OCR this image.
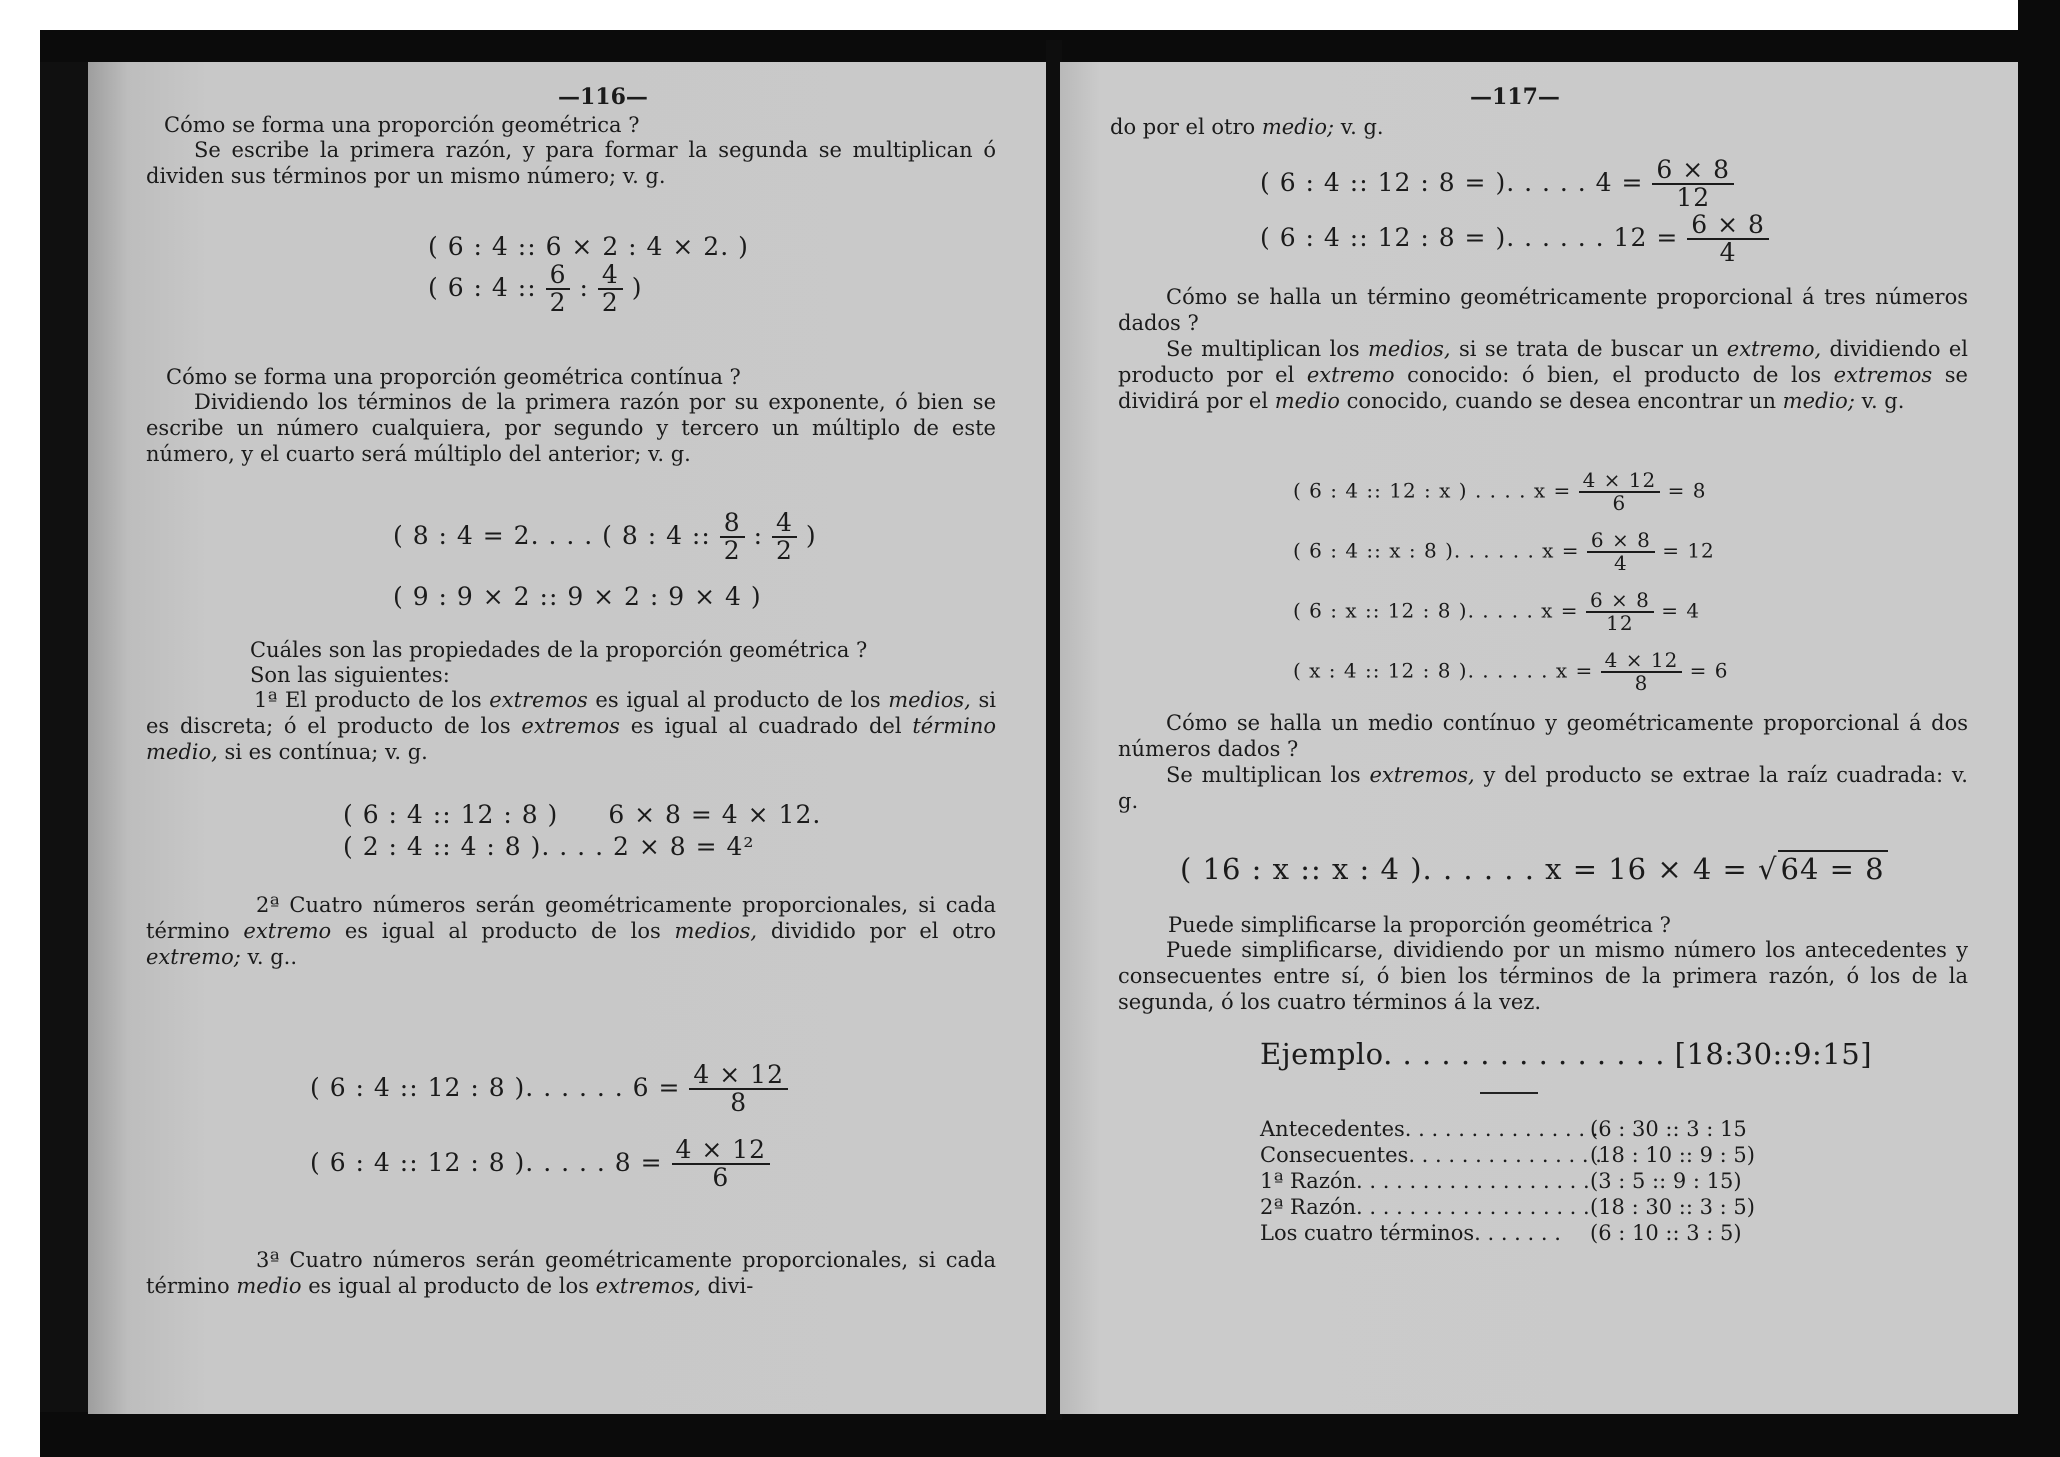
—116—
Cómo se forma una proporción geométrica ?
Se escribe la primera razón, y para formar la segunda se multiplican ó dividen sus términos por un mismo número; v. g.
( 6 : 4 :: 6 × 2 : 4 × 2. )
( 6 : 4 :: $\frac{6}{2}$ : $\frac{4}{2}$ )
Cómo se forma una proporción geométrica contínua ?
Dividiendo los términos de la primera razón por su exponente, ó bien se escribe un número cualquiera, por segundo y tercero un múltiplo de este número, y el cuarto será múltiplo del anterior; v. g.
( 8 : 4 = 2. . . . ( 8 : 4 :: $\frac{8}{2}$ : $\frac{4}{2}$ )
( 9 : 9 × 2 :: 9 × 2 : 9 × 4 )
Cuáles son las propiedades de la proporción geométrica ?
Son las siguientes:
1ª El producto de los extremos es igual al producto de los medios, si es discreta; ó el producto de los extremos es igual al cuadrado del término medio, si es contínua; v. g.
( 6 : 4 :: 12 : 8 ) 6 × 8 = 4 × 12.
( 2 : 4 :: 4 : 8 ). . . . 2 × 8 = 4²
2ª Cuatro números serán geométricamente proporcionales, si cada término extremo es igual al producto de los medios, dividido por el otro extremo; v. g..
( 6 : 4 :: 12 : 8 ). . . . . . $6 = \frac{4 \times 12}{8}$
( 6 : 4 :: 12 : 8 ). . . . . $8 = \frac{4 \times 12}{6}$
3ª Cuatro números serán geométricamente proporcionales, si cada término medio es igual al producto de los extremos, divi-
—117—
do por el otro medio; v. g.
( 6 : 4 :: 12 : 8 = ). . . . . $4 = \frac{6 \times 8}{12}$
( 6 : 4 :: 12 : 8 = ). . . . . . $12 = \frac{6 \times 8}{4}$
Cómo se halla un término geométricamente proporcional á tres números dados ?
Se multiplican los medios, si se trata de buscar un extremo, dividiendo el producto por el extremo conocido: ó bien, el producto de los extremos se dividirá por el medio conocido, cuando se desea encontrar un medio; v. g.
( 6 : 4 :: 12 : x ) . . . . $x = \frac{4 \times 12}{6} = 8$
( 6 : 4 :: x : 8 ). . . . . . $x = \frac{6 \times 8}{4} = 12$
( 6 : x :: 12 : 8 ). . . . . $x = \frac{6 \times 8}{12} = 4$
( x : 4 :: 12 : 8 ). . . . . . $x = \frac{4 \times 12}{8} = 6$
Cómo se halla un medio contínuo y geométricamente proporcional á dos números dados ?
Se multiplican los extremos, y del producto se extrae la raíz cuadrada: v. g.
( 16 : x :: x : 4 ). . . . . . x = 16 × 4 = √ 64 = 8
Puede simplificarse la proporción geométrica ?
Puede simplificarse, dividiendo por un mismo número los antecedentes y consecuentes entre sí, ó bien los términos de la primera razón, ó los de la segunda, ó los cuatro términos á la vez.
Ejemplo. . . . . . . . . . . . . . . [18:30::9:15]
Antecedentes. . . . . . . . . . . . . . .
(6 : 30 :: 3 : 15
Consecuentes. . . . . . . . . . . . . . .
(18 : 10 :: 9 : 5)
1ª Razón. . . . . . . . . . . . . . . . . . (3 : 5 :: 9 : 15)
2ª Razón. . . . . . . . . . . . . . . . . . (18 : 30 :: 3 : 5)
Los cuatro términos. . . . . . . (6 : 10 :: 3 : 5)
